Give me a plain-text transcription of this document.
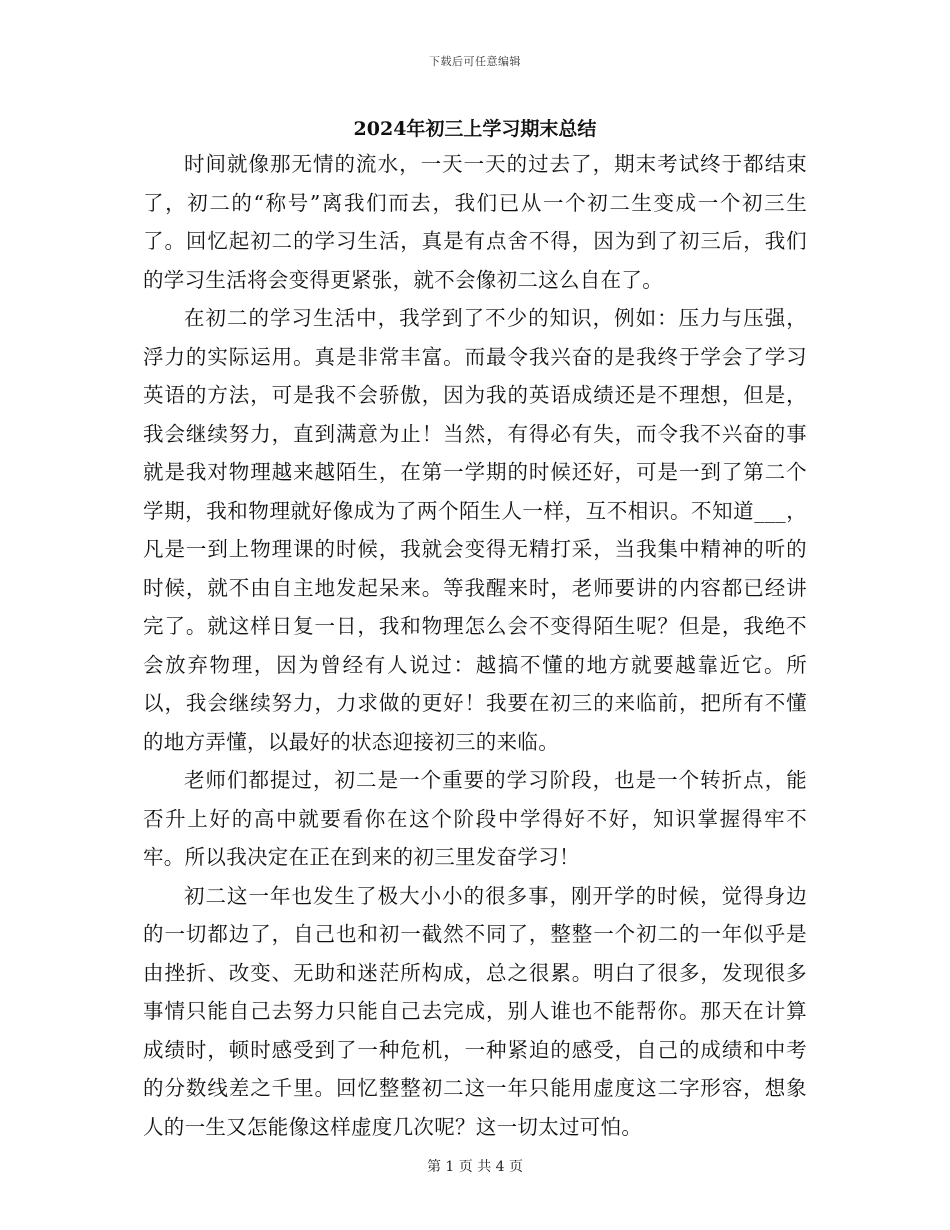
下载后可任意编辑
2024年初三上学习期末总结

时间就像那无情的流水，一天一天的过去了，期末考试终于都结束了，初二的“称号”离我们而去，我们已从一个初二生变成一个初三生了。回忆起初二的学习生活，真是有点舍不得，因为到了初三后，我们的学习生活将会变得更紧张，就不会像初二这么自在了。

在初二的学习生活中，我学到了不少的知识，例如：压力与压强，浮力的实际运用。真是非常丰富。而最令我兴奋的是我终于学会了学习英语的方法，可是我不会骄傲，因为我的英语成绩还是不理想，但是，我会继续努力，直到满意为止！当然，有得必有失，而令我不兴奋的事就是我对物理越来越陌生，在第一学期的时候还好，可是一到了第二个学期，我和物理就好像成为了两个陌生人一样，互不相识。不知道___，凡是一到上物理课的时候，我就会变得无精打采，当我集中精神的听的时候，就不由自主地发起呆来。等我醒来时，老师要讲的内容都已经讲完了。就这样日复一日，我和物理怎么会不变得陌生呢？但是，我绝不会放弃物理，因为曾经有人说过：越搞不懂的地方就要越靠近它。所以，我会继续努力，力求做的更好！我要在初三的来临前，把所有不懂的地方弄懂，以最好的状态迎接初三的来临。

老师们都提过，初二是一个重要的学习阶段，也是一个转折点，能否升上好的高中就要看你在这个阶段中学得好不好，知识掌握得牢不牢。所以我决定在正在到来的初三里发奋学习！

初二这一年也发生了极大小小的很多事，刚开学的时候，觉得身边的一切都边了，自己也和初一截然不同了，整整一个初二的一年似乎是由挫折、改变、无助和迷茫所构成，总之很累。明白了很多，发现很多事情只能自己去努力只能自己去完成，别人谁也不能帮你。那天在计算成绩时，顿时感受到了一种危机，一种紧迫的感受，自己的成绩和中考的分数线差之千里。回忆整整初二这一年只能用虚度这二字形容，想象人的一生又怎能像这样虚度几次呢？这一切太过可怕。

第 1 页 共 4 页
